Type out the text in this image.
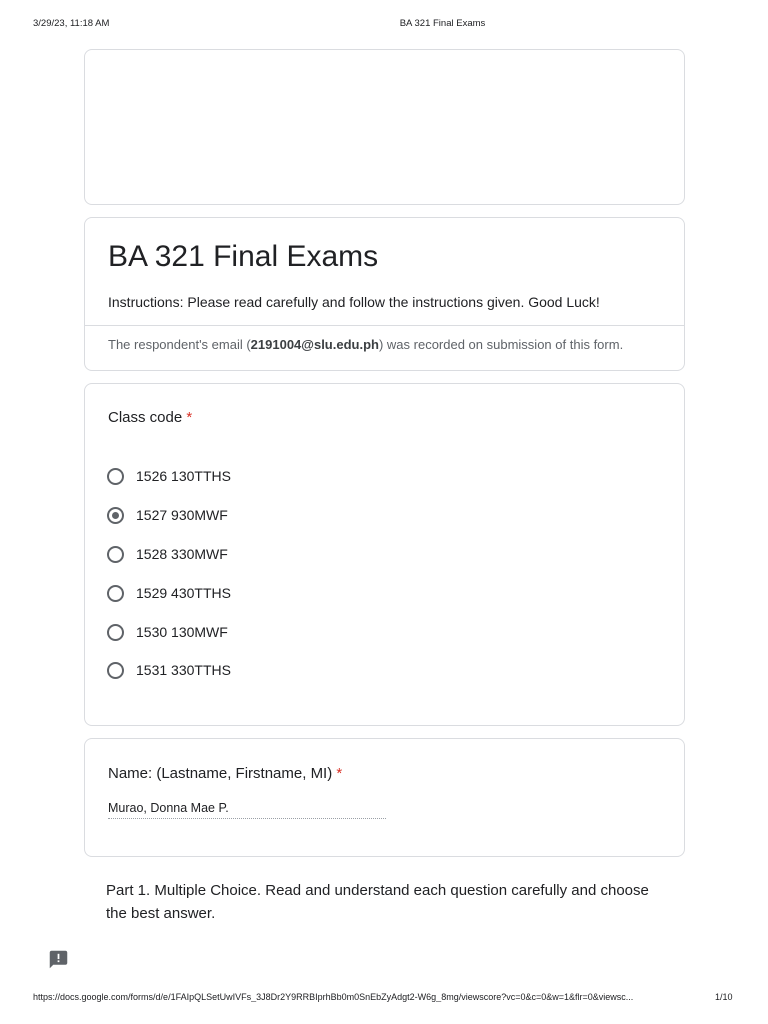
3/29/23, 11:18 AM	BA 321 Final Exams
BA 321 Final Exams
Instructions: Please read carefully and follow the instructions given. Good Luck!
The respondent's email (2191004@slu.edu.ph) was recorded on submission of this form.
Class code *
1526 130TTHS
1527 930MWF
1528 330MWF
1529 430TTHS
1530 130MWF
1531 330TTHS
Name: (Lastname, Firstname, MI) *
Murao, Donna Mae P.
Part 1. Multiple Choice. Read and understand each question carefully and choose the best answer.
https://docs.google.com/forms/d/e/1FAIpQLSetUwIVFs_3J8Dr2Y9RRBIprhBb0m0SnEbZyAdgt2-W6g_8mg/viewscore?vc=0&c=0&w=1&flr=0&viewsc...	1/10
